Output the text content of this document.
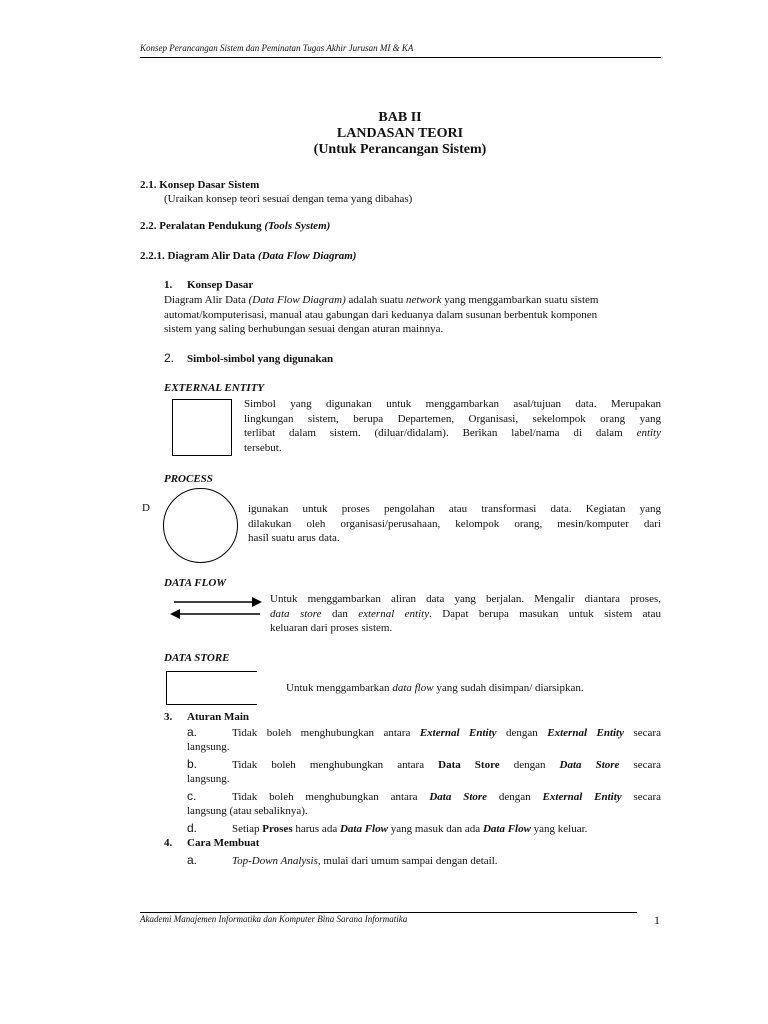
Konsep Perancangan Sistem dan Peminatan Tugas Akhir Jurusan MI & KA
BAB II
LANDASAN TEORI
(Untuk Perancangan Sistem)
2.1. Konsep Dasar Sistem
(Uraikan konsep teori sesuai dengan tema yang dibahas)
2.2. Peralatan Pendukung (Tools System)
2.2.1. Diagram Alir Data (Data Flow Diagram)
1. Konsep Dasar
Diagram Alir Data (Data Flow Diagram) adalah suatu network yang menggambarkan suatu sistem
automat/komputerisasi, manual atau gabungan dari keduanya dalam susunan berbentuk komponen
sistem yang saling berhubungan sesuai dengan aturan mainnya.
2. Simbol-simbol yang digunakan
EXTERNAL ENTITY
Simbol yang digunakan untuk menggambarkan asal/tujuan data. Merupakan
lingkungan sistem, berupa Departemen, Organisasi, sekelompok orang yang
terlibat dalam sistem. (diluar/didalam). Berikan label/nama di dalam entity
tersebut.
PROCESS
D	igunakan untuk proses pengolahan atau transformasi data. Kegiatan yang
dilakukan oleh organisasi/perusahaan, kelompok orang, mesin/komputer dari
hasil suatu arus data.
DATA FLOW
Untuk menggambarkan aliran data yang berjalan. Mengalir diantara proses,
data store dan external entity. Dapat berupa masukan untuk sistem atau
keluaran dari proses sistem.
DATA STORE
Untuk menggambarkan data flow yang sudah disimpan/ diarsipkan.
3. Aturan Main
a.	Tidak boleh menghubungkan antara External Entity dengan External Entity secara
langsung.
b.	Tidak boleh menghubungkan antara Data Store dengan Data Store secara
langsung.
c.	Tidak boleh menghubungkan antara Data Store dengan External Entity secara
langsung (atau sebaliknya).
d.	Setiap Proses harus ada Data Flow yang masuk dan ada Data Flow yang keluar.
4. Cara Membuat
a.	Top-Down Analysis, mulai dari umum sampai dengan detail.
Akademi Manajemen Informatika dan Komputer Bina Sarana Informatika	1
